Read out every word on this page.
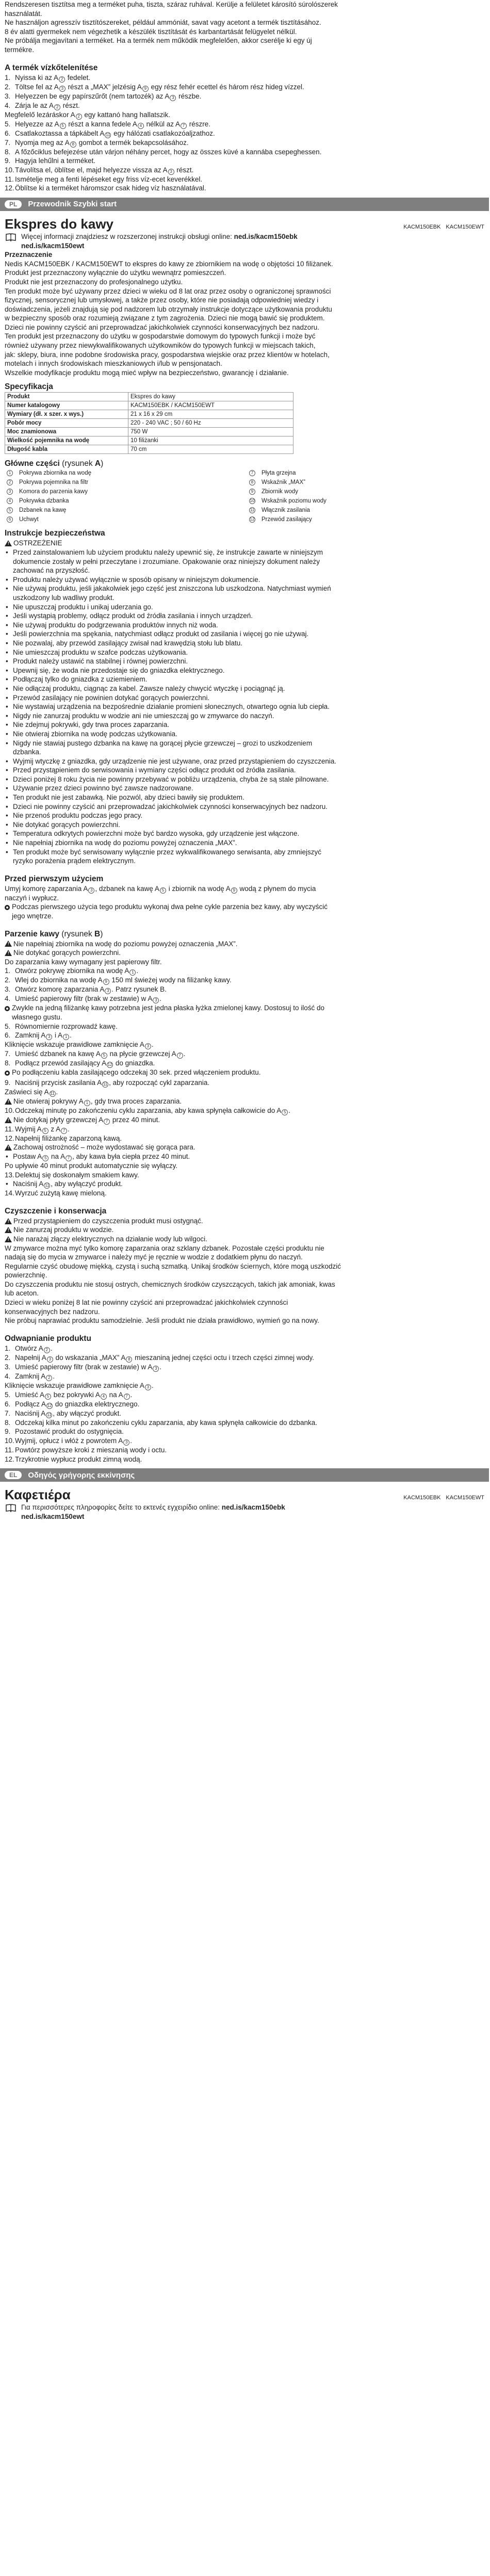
Rendszeresen tisztítsa meg a terméket puha, tiszta, száraz ruhával. Kerülje a felületet károsító súrolószerek

használatát.

Ne használjon agresszív tisztítószereket, például ammóniát, savat vagy acetont a termék tisztításához.

8 év alatti gyermekek nem végezhetik a készülék tisztítását és karbantartását felügyelet nélkül.

Ne próbálja megjavítani a terméket. Ha a termék nem működik megfelelően, akkor cserélje ki egy új

termékre.

A termék vízkőtelenítése
1. Nyissa ki az A 2 fedelet.
2. Töltse fel az A 3 részt a „MAX” jelzésig A 9 egy rész fehér ecettel és három rész hideg vízzel.
3. Helyezzen be egy papírszűrőt (nem tartozék) az A 3 részbe.
4. Zárja le az A 2 részt.

Megfelelő lezáráskor A 2 egy kattanó hang hallatszik.

5. Helyezze az A 5 részt a kanna fedele A 4 nélkül az A 7 részre.
6. Csatlakoztassa a tápkábelt A 11 egy hálózati csatlakozóaljzathoz.
7. Nyomja meg az A 8 gombot a termék bekapcsolásához.
8. A főzőciklus befejezése után várjon néhány percet, hogy az összes küvé a kannába csepeghessen.
9. Hagyja lehűlni a terméket.
10. Távolítsa el, öblítse el, majd helyezze vissza az A 3 részt.
11. Ismételje meg a fenti lépéseket egy friss víz-ecet keverékkel.
12. Öblítse ki a terméket háromszor csak hideg víz használatával.
PL	Przewodnik Szybki start
Ekspres do kawy	KACM150EBK KACM150EWT

Więcej informacji znajdziesz w rozszerzonej instrukcji obsługi online: ned.is/kacm150ebk

ned.is/kacm150ewt

Przeznaczenie

Nedis KACM150EBK / KACM150EWT to ekspres do kawy ze zbiornikiem na wodę o objętości 10 filiżanek.

Produkt jest przeznaczony wyłącznie do użytku wewnątrz pomieszczeń.

Produkt nie jest przeznaczony do profesjonalnego użytku.

Ten produkt może być używany przez dzieci w wieku od 8 lat oraz przez osoby o ograniczonej sprawności

fizycznej, sensorycznej lub umysłowej, a także przez osoby, które nie posiadają odpowiedniej wiedzy i

doświadczenia, jeżeli znajdują się pod nadzorem lub otrzymały instrukcje dotyczące użytkowania produktu

w bezpieczny sposób oraz rozumieją związane z tym zagrożenia. Dzieci nie mogą bawić się produktem.

Dzieci nie powinny czyścić ani przeprowadzać jakichkolwiek czynności konserwacyjnych bez nadzoru.

Ten produkt jest przeznaczony do użytku w gospodarstwie domowym do typowych funkcji i może być

również używany przez niewykwalifikowanych użytkowników do typowych funkcji w miejscach takich,

jak: sklepy, biura, inne podobne środowiska pracy, gospodarstwa wiejskie oraz przez klientów w hotelach,

motelach i innych środowiskach mieszkaniowych i/lub w pensjonatach.

Wszelkie modyfikacje produktu mogą mieć wpływ na bezpieczeństwo, gwarancję i działanie.

Specyfikacja
Produkt	Ekspres do kawy
Numer katalogowy	KACM150EBK / KACM150EWT
Wymiary (dł. x szer. x wys.)	21 x 16 x 29 cm
Pobór mocy	220 - 240 VAC ; 50 / 60 Hz
Moc znamionowa	750 W
Wielkość pojemnika na wodę	10 filiżanki
Długość kabla	70 cm
Główne części (rysunek A)
1	Pokrywa zbiornika na wodę	7	Płyta grzejna
2	Pokrywa pojemnika na filtr	8	Wskaźnik „MAX”
3	Komora do parzenia kawy	9	Zbiornik wody
4	Pokrywka dzbanka	10 Wskaźnik poziomu wody
5	Dzbanek na kawę	11 Włącznik zasilania
6	Uchwyt	12 Przewód zasilający
Instrukcje bezpieczeństwa
! OSTRZEŻENIE
• Przed zainstalowaniem lub użyciem produktu należy upewnić się, że instrukcje zawarte w niniejszym
dokumencie zostały w pełni przeczytane i zrozumiane. Opakowanie oraz niniejszy dokument należy
zachować na przyszłość.
• Produktu należy używać wyłącznie w sposób opisany w niniejszym dokumencie.
• Nie używaj produktu, jeśli jakakolwiek jego część jest zniszczona lub uszkodzona. Natychmiast wymień
uszkodzony lub wadliwy produkt.
• Nie upuszczaj produktu i unikaj uderzania go.
• Jeśli wystąpią problemy, odłącz produkt od źródła zasilania i innych urządzeń.
• Nie używaj produktu do podgrzewania produktów innych niż woda.
• Jeśli powierzchnia ma spękania, natychmiast odłącz produkt od zasilania i więcej go nie używaj.
• Nie pozwalaj, aby przewód zasilający zwisał nad krawędzią stołu lub blatu.
• Nie umieszczaj produktu w szafce podczas użytkowania.
• Produkt należy ustawić na stabilnej i równej powierzchni.
• Upewnij się, że woda nie przedostaje się do gniazdka elektrycznego.
• Podłączaj tylko do gniazdka z uziemieniem.
• Nie odłączaj produktu, ciągnąc za kabel. Zawsze należy chwycić wtyczkę i pociągnąć ją.
• Przewód zasilający nie powinien dotykać gorących powierzchni.
• Nie wystawiaj urządzenia na bezpośrednie działanie promieni słonecznych, otwartego ognia lub ciepła.
• Nigdy nie zanurzaj produktu w wodzie ani nie umieszczaj go w zmywarce do naczyń.
• Nie zdejmuj pokrywki, gdy trwa proces zaparzania.
• Nie otwieraj zbiornika na wodę podczas użytkowania.
• Nigdy nie stawiaj pustego dzbanka na kawę na gorącej płycie grzewczej – grozi to uszkodzeniem
dzbanka.
• Wyjmij wtyczkę z gniazdka, gdy urządzenie nie jest używane, oraz przed przystąpieniem do czyszczenia.
• Przed przystąpieniem do serwisowania i wymiany części odłącz produkt od źródła zasilania.
• Dzieci poniżej 8 roku życia nie powinny przebywać w pobliżu urządzenia, chyba że są stale pilnowane.
• Używanie przez dzieci powinno być zawsze nadzorowane.
• Ten produkt nie jest zabawką. Nie pozwól, aby dzieci bawiły się produktem.
• Dzieci nie powinny czyścić ani przeprowadzać jakichkolwiek czynności konserwacyjnych bez nadzoru.
• Nie przenoś produktu podczas jego pracy.
• Nie dotykać gorących powierzchni.
• Temperatura odkrytych powierzchni może być bardzo wysoka, gdy urządzenie jest włączone.
• Nie napełniaj zbiornika na wodę do poziomu powyżej oznaczenia „MAX”.
• Ten produkt może być serwisowany wyłącznie przez wykwalifikowanego serwisanta, aby zmniejszyć
ryzyko porażenia prądem elektrycznym.
Przed pierwszym użyciem

Umyj komorę zaparzania A 3 , dzbanek na kawę A 5 i zbiornik na wodę A 9 wodą z płynem do mycia

naczyń i wypłucz.

Podczas pierwszego użycia tego produktu wykonaj dwa pełne cykle parzenia bez kawy, aby wyczyścić
jego wnętrze.
Parzenie kawy (rysunek B)
! Nie napełniaj zbiornika na wodę do poziomu powyżej oznaczenia „MAX”.
! Nie dotykać gorących powierzchni.

Do zaparzania kawy wymagany jest papierowy filtr.

1. Otwórz pokrywę zbiornika na wodę A 1 .
2. Wlej do zbiornika na wodę A 9 150 ml świeżej wody na filiżankę kawy.
3. Otwórz komorę zaparzania A 3 . Patrz rysunek B.
4. Umieść papierowy filtr (brak w zestawie) w A 3 .
Zwykle na jedną filiżankę kawy potrzebna jest jedna płaska łyżka zmielonej kawy. Dostosuj to ilość do
własnego gustu.
5. Równomiernie rozprowadź kawę.
6. Zamknij A 3 i A 1 .

Kliknięcie wskazuje prawidłowe zamknięcie A 3 .

7. Umieść dzbanek na kawę A 5 na płycie grzewczej A 7 .
8. Podłącz przewód zasilający A 12 do gniazdka.
Po podłączeniu kabla zasilającego odczekaj 30 sek. przed włączeniem produktu.
9. Naciśnij przycisk zasilania A 11 , aby rozpocząć cykl zaparzania.

Zaświeci się A 11 .

! Nie otwieraj pokrywy A 1 , gdy trwa proces zaparzania.
10. Odczekaj minutę po zakończeniu cyklu zaparzania, aby kawa spłynęła całkowicie do A 5 .
! Nie dotykaj płyty grzewczej A 7 przez 40 minut.
11. Wyjmij A 5 z A 7 .
12. Napełnij filiżankę zaparzoną kawą.
! Zachowaj ostrożność – może wydostawać się gorąca para.
• Postaw A 5 na A 7 , aby kawa była ciepła przez 40 minut.

Po upływie 40 minut produkt automatycznie się wyłączy.

13. Delektuj się doskonałym smakiem kawy.
• Naciśnij A 11 , aby wyłączyć produkt.
14. Wyrzuć zużytą kawę mieloną.
Czyszczenie i konserwacja
! Przed przystąpieniem do czyszczenia produkt musi ostygnąć.
! Nie zanurzaj produktu w wodzie.
! Nie narażaj złączy elektrycznych na działanie wody lub wilgoci.

W zmywarce można myć tylko komorę zaparzania oraz szklany dzbanek. Pozostałe części produktu nie

nadają się do mycia w zmywarce i należy myć je ręcznie w wodzie z dodatkiem płynu do naczyń.

Regularnie czyść obudowę miękką, czystą i suchą szmatką. Unikaj środków ściernych, które mogą uszkodzić

powierzchnię.

Do czyszczenia produktu nie stosuj ostrych, chemicznych środków czyszczących, takich jak amoniak, kwas

lub aceton.

Dzieci w wieku poniżej 8 lat nie powinny czyścić ani przeprowadzać jakichkolwiek czynności

konserwacyjnych bez nadzoru.

Nie próbuj naprawiać produktu samodzielnie. Jeśli produkt nie działa prawidłowo, wymień go na nowy.

Odwapnianie produktu
1. Otwórz A 2 .
2. Napełnij A 3 do wskazania „MAX” A 8 mieszaniną jednej części octu i trzech części zimnej wody.
3. Umieść papierowy filtr (brak w zestawie) w A 3 .
4. Zamknij A 2 .

Kliknięcie wskazuje prawidłowe zamknięcie A 3 .

5. Umieść A 5 bez pokrywki A 4 na A 7 .
6. Podłącz A 12 do gniazdka elektrycznego.
7. Naciśnij A 11 , aby włączyć produkt.
8. Odczekaj kilka minut po zakończeniu cyklu zaparzania, aby kawa spłynęła całkowicie do dzbanka.
9. Pozostawić produkt do ostygnięcia.
10. Wyjmij, opłucz i włóż z powrotem A 3 .
11. Powtórz powyższe kroki z mieszanią wody i octu.
12. Trzykrotnie wypłucz produkt zimną wodą.
EL	Οδηγός γρήγορης εκκίνησης
Καφετιέρα	KACM150EBK KACM150EWT

Για περισσότερες πληροφορίες δείτε το εκτενές εγχειρίδιο online: ned.is/kacm150ebk

ned.is/kacm150ewt
